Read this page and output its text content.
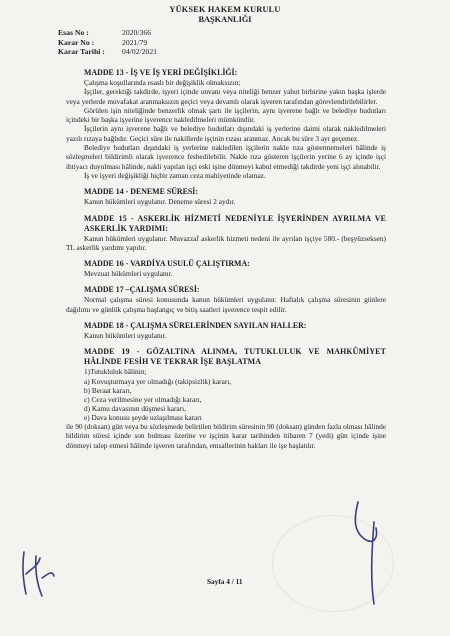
YÜKSEK HAKEM KURULU
BAŞKANLIĞI
Esas No :	2020/366
Karar No :	2021/79
Karar Tarihi :	04/02/2021
MADDE 13 - İŞ VE İŞ YERİ DEĞİŞİKLİĞİ:

Çalışma koşullarında esaslı bir değişiklik olmaksızın;

İşçiler, gerektiği takdirde, işyeri içinde unvanı veya niteliği benzer yahut birbirine yakın başka işlerde veya yerlerde muvafakat aranmaksızın geçici veya devamlı olarak işveren tarafından görevlendirilebilirler.

Görülen işin niteliğinde benzerlik olmak şartı ile işçilerin, aynı işverene bağlı ve belediye hudutları içindeki bir başka işyerine işverence nakledilmeleri mümkündür.

İşçilerin aynı işverene bağlı ve belediye hudutları dışındaki iş yerlerine daimi olarak nakledilmeleri yazılı rızaya bağlıdır. Geçici süre ile nakillerde işçinin rızası aranmaz. Ancak bu süre 3 ayı geçemez.

Belediye hudutları dışındaki iş yerlerine nakledilen işçilerin nakle rıza göstermemeleri hâlinde iş sözleşmeleri bildirimli olarak işverence feshedilebilir. Nakle rıza gösteren işçilerin yerine 6 ay içinde işçi ihtiyacı duyulması hâlinde, nakli yapılan işçi eski işine dönmeyi kabul etmediği takdirde yeni işçi alınabilir.

İş ve işyeri değişikliği hiçbir zaman ceza mahiyetinde olamaz.

MADDE 14 - DENEME SÜRESİ:

Kanun hükümleri uygulanır. Deneme süresi 2 aydır.

MADDE 15 - ASKERLİK HİZMETİ NEDENİYLE İŞYERİNDEN AYRILMA VE ASKERLİK YARDIMI:

Kanun hükümleri uygulanır. Muvazzaf askerlik hizmeti nedeni ile ayrılan işçiye 580.- (beşyüzseksen) TL askerlik yardımı yapılır.

MADDE 16 - VARDİYA USULÜ ÇALIŞTIRMA:

Mevzuat hükümleri uygulanır.

MADDE 17 –ÇALIŞMA SÜRESİ:

Normal çalışma süresi konusunda kanun hükümleri uygulanır. Haftalık çalışma süresinin günlere dağılımı ve günlük çalışma başlangıç ve bitiş saatleri işverence tespit edilir.

MADDE 18 - ÇALIŞMA SÜRELERİNDEN SAYILAN HALLER:

Kanun hükümleri uygulanır.

MADDE 19 - GÖZALTINA ALINMA, TUTUKLULUK VE MAHKÛMİYET HÂLİNDE FESİH VE TEKRAR İŞE BAŞLATMA

1)Tutukluluk hâlinin;

a) Kovuşturmaya yer olmadığı (takipsizlik) kararı,
b) Beraat kararı,
c) Ceza verilmesine yer olmadığı kararı,
d) Kamu davasının düşmesi kararı,
e) Dava konusu şeyde uzlaşılması kararı

ile 90 (doksan) gün veya bu sözleşmede belirtilen bildirim süresinin 90 (doksan) günden fazla olması hâlinde bildirim süresi içinde son bulması üzerine ve işçinin karar tarihinden itibaren 7 (yedi) gün içinde işine dönmeyi talep etmesi hâlinde işveren tarafından, emsallerinin hakları ile işe başlatılır.

Sayfa 4 / 11
